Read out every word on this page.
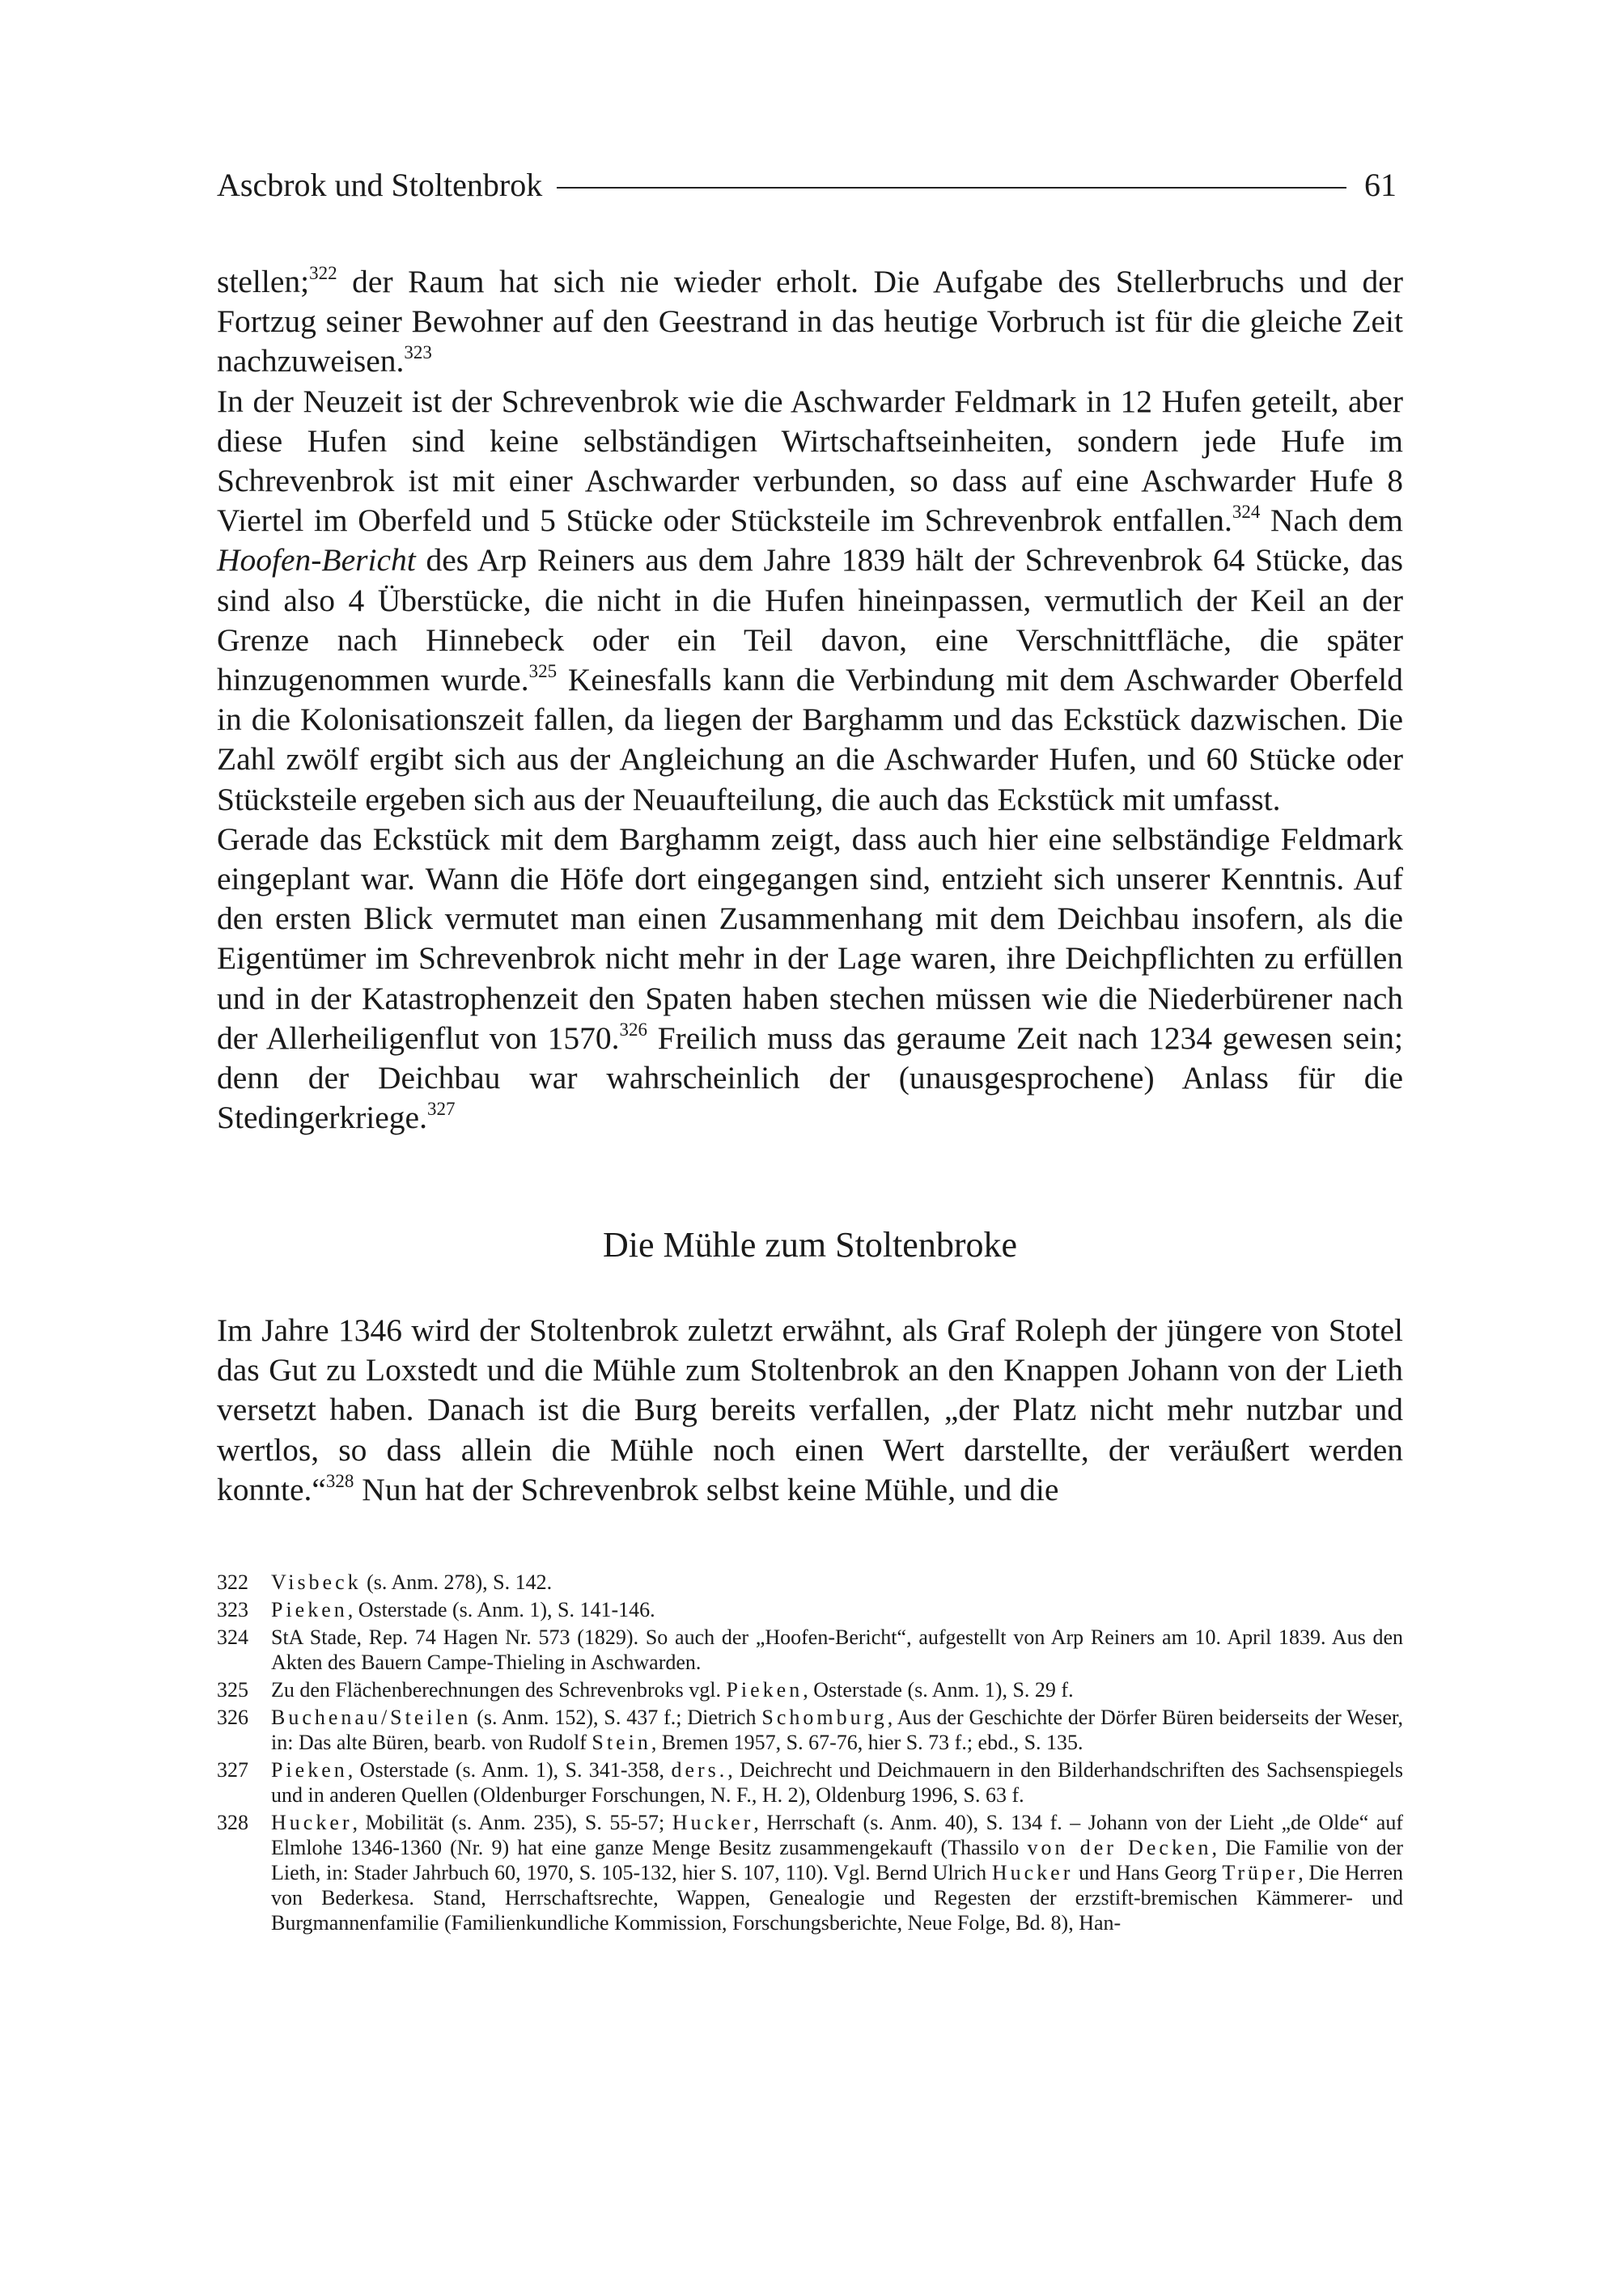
Ascbrok und Stoltenbrok	61

stellen;$^{322}$ der Raum hat sich nie wieder erholt. Die Aufgabe des Stellerbruchs und der Fortzug seiner Bewohner auf den Geestrand in das heutige Vorbruch ist für die gleiche Zeit nachzuweisen.$^{323}$

In der Neuzeit ist der Schrevenbrok wie die Aschwarder Feldmark in 12 Hufen geteilt, aber diese Hufen sind keine selbständigen Wirtschaftseinheiten, sondern jede Hufe im Schrevenbrok ist mit einer Aschwarder verbunden, so dass auf eine Aschwarder Hufe 8 Viertel im Oberfeld und 5 Stücke oder Stücksteile im Schrevenbrok entfallen.$^{324}$ Nach dem Hoofen-Bericht des Arp Reiners aus dem Jahre 1839 hält der Schrevenbrok 64 Stücke, das sind also 4 Überstücke, die nicht in die Hufen hineinpassen, vermutlich der Keil an der Grenze nach Hinnebeck oder ein Teil davon, eine Verschnittfläche, die später hinzugenommen wurde.$^{325}$ Keinesfalls kann die Verbindung mit dem Aschwarder Oberfeld in die Kolonisationszeit fallen, da liegen der Barghamm und das Eckstück dazwischen. Die Zahl zwölf ergibt sich aus der Angleichung an die Aschwarder Hufen, und 60 Stücke oder Stücksteile ergeben sich aus der Neuaufteilung, die auch das Eckstück mit umfasst.

Gerade das Eckstück mit dem Barghamm zeigt, dass auch hier eine selbständige Feldmark eingeplant war. Wann die Höfe dort eingegangen sind, entzieht sich unserer Kenntnis. Auf den ersten Blick vermutet man einen Zusammenhang mit dem Deichbau insofern, als die Eigentümer im Schrevenbrok nicht mehr in der Lage waren, ihre Deichpflichten zu erfüllen und in der Katastrophenzeit den Spaten haben stechen müssen wie die Niederbürener nach der Allerheiligenflut von 1570.$^{326}$ Freilich muss das geraume Zeit nach 1234 gewesen sein; denn der Deichbau war wahrscheinlich der (unausgesprochene) Anlass für die Stedingerkriege.$^{327}$

Die Mühle zum Stoltenbroke

Im Jahre 1346 wird der Stoltenbrok zuletzt erwähnt, als Graf Roleph der jüngere von Stotel das Gut zu Loxstedt und die Mühle zum Stoltenbrok an den Knappen Johann von der Lieth versetzt haben. Danach ist die Burg bereits verfallen, „der Platz nicht mehr nutzbar und wertlos, so dass allein die Mühle noch einen Wert darstellte, der veräußert werden konnte.“$^{328}$ Nun hat der Schrevenbrok selbst keine Mühle, und die

322	Visbeck (s. Anm. 278), S. 142.
323	Pieken, Osterstade (s. Anm. 1), S. 141-146.
324	StA Stade, Rep. 74 Hagen Nr. 573 (1829). So auch der „Hoofen-Bericht“, aufgestellt von Arp Reiners am 10. April 1839. Aus den Akten des Bauern Campe-Thieling in Aschwarden.
325	Zu den Flächenberechnungen des Schrevenbroks vgl. Pieken, Osterstade (s. Anm. 1), S. 29 f.
326	Buchenau/Steilen (s. Anm. 152), S. 437 f.; Dietrich Schomburg, Aus der Geschichte der Dörfer Büren beiderseits der Weser, in: Das alte Büren, bearb. von Rudolf Stein, Bremen 1957, S. 67-76, hier S. 73 f.; ebd., S. 135.
327	Pieken, Osterstade (s. Anm. 1), S. 341-358, ders., Deichrecht und Deichmauern in den Bilderhandschriften des Sachsenspiegels und in anderen Quellen (Oldenburger Forschungen, N. F., H. 2), Oldenburg 1996, S. 63 f.
328	Hucker, Mobilität (s. Anm. 235), S. 55-57; Hucker, Herrschaft (s. Anm. 40), S. 134 f. – Johann von der Lieht „de Olde“ auf Elmlohe 1346-1360 (Nr. 9) hat eine ganze Menge Besitz zusammengekauft (Thassilo von der Decken, Die Familie von der Lieth, in: Stader Jahrbuch 60, 1970, S. 105-132, hier S. 107, 110). Vgl. Bernd Ulrich Hucker und Hans Georg Trüper, Die Herren von Bederkesa. Stand, Herrschaftsrechte, Wappen, Genealogie und Regesten der erzstift-bremischen Kämmerer- und Burgmannenfamilie (Familienkundliche Kommission, Forschungsberichte, Neue Folge, Bd. 8), Han-
